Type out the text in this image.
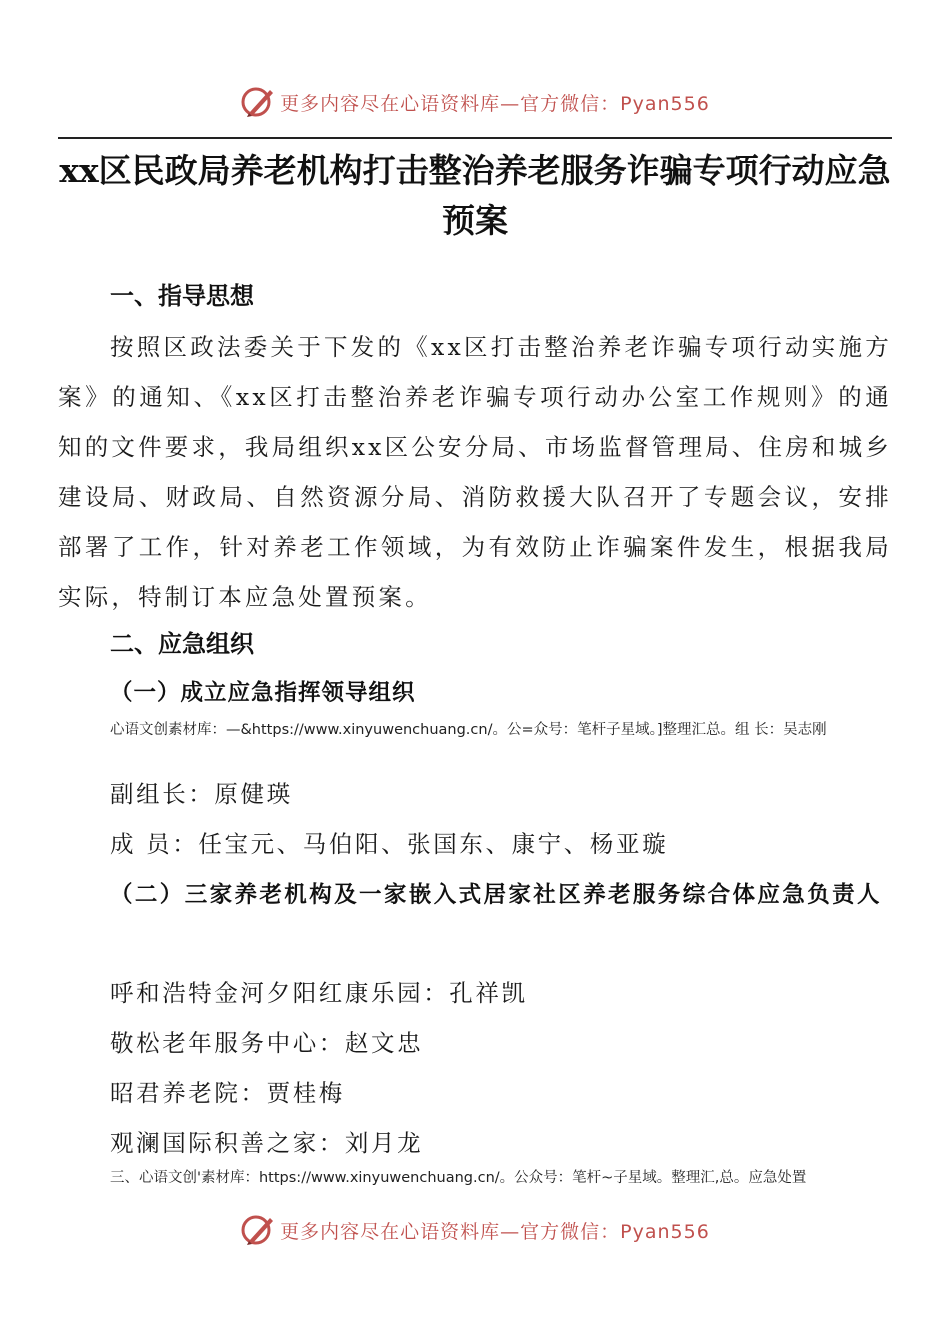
更多内容尽在心语资料库—官方微信：Pyan556
xx区民政局养老机构打击整治养老服务诈骗专项行动应急预案
一、指导思想

按照区政法委关于下发的《xx区打击整治养老诈骗专项行动实施方案》的通知、《xx区打击整治养老诈骗专项行动办公室工作规则》的通知的文件要求，我局组织xx区公安分局、市场监督管理局、住房和城乡建设局、财政局、自然资源分局、消防救援大队召开了专题会议，安排部署了工作，针对养老工作领域，为有效防止诈骗案件发生，根据我局实际，特制订本应急处置预案。

二、应急组织
（一）成立应急指挥领导组织

心语文创素材库：—&https://www.xinyuwenchuang.cn/。公=众号：笔杆子星域。]整理汇总。组 长：吴志刚

副组长：原健瑛

成 员：任宝元、马伯阳、张国东、康宁、杨亚璇

（二）三家养老机构及一家嵌入式居家社区养老服务综合体应急负责人

呼和浩特金河夕阳红康乐园：孔祥凯

敬松老年服务中心：赵文忠

昭君养老院：贾桂梅

观澜国际积善之家：刘月龙

三、心语文创'素材库：https://www.xinyuwenchuang.cn/。公众号：笔杆~子星域。整理汇,总。应急处置

更多内容尽在心语资料库—官方微信：Pyan556
